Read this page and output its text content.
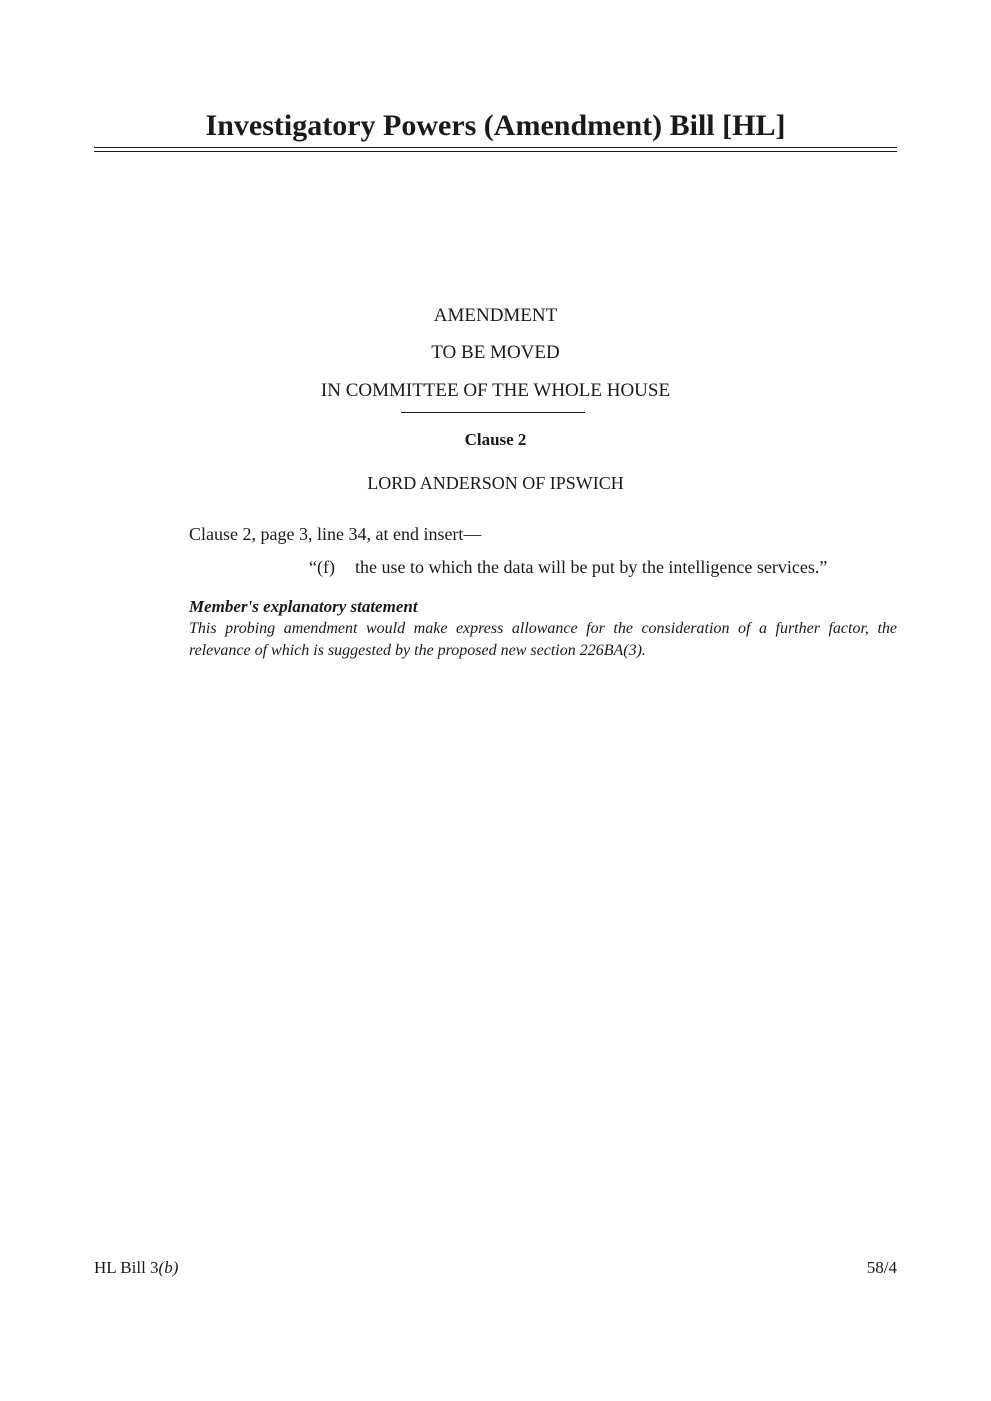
Investigatory Powers (Amendment) Bill [HL]
AMENDMENT
TO BE MOVED
IN COMMITTEE OF THE WHOLE HOUSE
Clause 2
LORD ANDERSON OF IPSWICH
Clause 2, page 3, line 34, at end insert—
“(f) the use to which the data will be put by the intelligence services.”
Member's explanatory statement

This probing amendment would make express allowance for the consideration of a further factor, the relevance of which is suggested by the proposed new section 226BA(3).

HL Bill 3(b)	58/4
